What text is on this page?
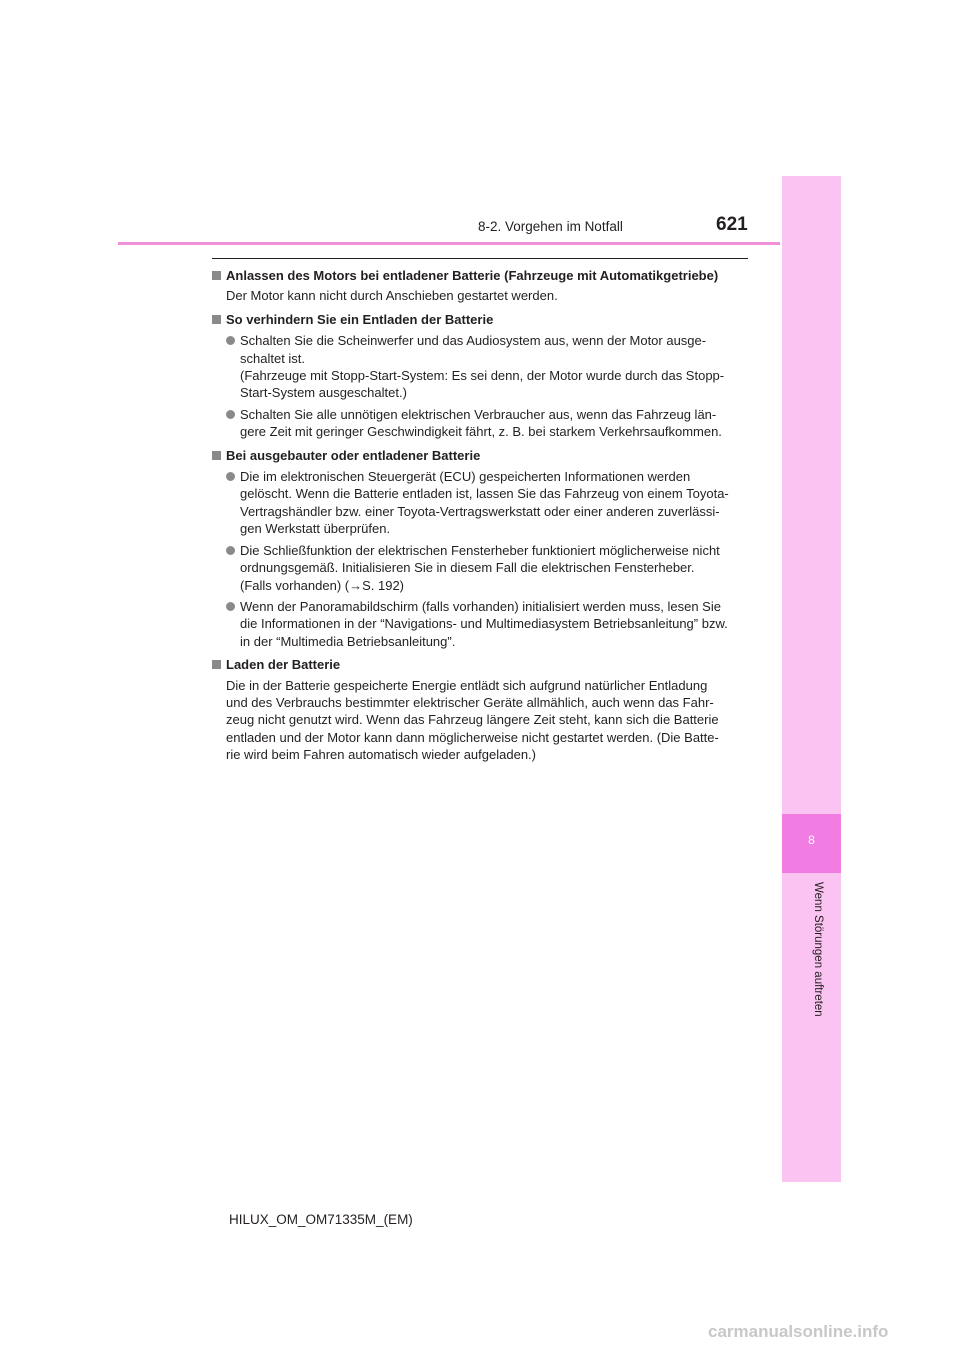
8-2. Vorgehen im Notfall	621
8
Wenn Störungen auftreten
Anlassen des Motors bei entladener Batterie (Fahrzeuge mit Automatikgetriebe)
Der Motor kann nicht durch Anschieben gestartet werden.
So verhindern Sie ein Entladen der Batterie
Schalten Sie die Scheinwerfer und das Audiosystem aus, wenn der Motor ausge-
schaltet ist.
(Fahrzeuge mit Stopp-Start-System: Es sei denn, der Motor wurde durch das Stopp-
Start-System ausgeschaltet.)
Schalten Sie alle unnötigen elektrischen Verbraucher aus, wenn das Fahrzeug län-
gere Zeit mit geringer Geschwindigkeit fährt, z. B. bei starkem Verkehrsaufkommen.
Bei ausgebauter oder entladener Batterie
Die im elektronischen Steuergerät (ECU) gespeicherten Informationen werden
gelöscht. Wenn die Batterie entladen ist, lassen Sie das Fahrzeug von einem Toyota-
Vertragshändler bzw. einer Toyota-Vertragswerkstatt oder einer anderen zuverlässi-
gen Werkstatt überprüfen.
Die Schließfunktion der elektrischen Fensterheber funktioniert möglicherweise nicht
ordnungsgemäß. Initialisieren Sie in diesem Fall die elektrischen Fensterheber.
(Falls vorhanden) (→S. 192)
Wenn der Panoramabildschirm (falls vorhanden) initialisiert werden muss, lesen Sie
die Informationen in der “Navigations- und Multimediasystem Betriebsanleitung” bzw.
in der “Multimedia Betriebsanleitung”.
Laden der Batterie
Die in der Batterie gespeicherte Energie entlädt sich aufgrund natürlicher Entladung
und des Verbrauchs bestimmter elektrischer Geräte allmählich, auch wenn das Fahr-
zeug nicht genutzt wird. Wenn das Fahrzeug längere Zeit steht, kann sich die Batterie
entladen und der Motor kann dann möglicherweise nicht gestartet werden. (Die Batte-
rie wird beim Fahren automatisch wieder aufgeladen.)
HILUX_OM_OM71335M_(EM)
carmanualsonline.info
